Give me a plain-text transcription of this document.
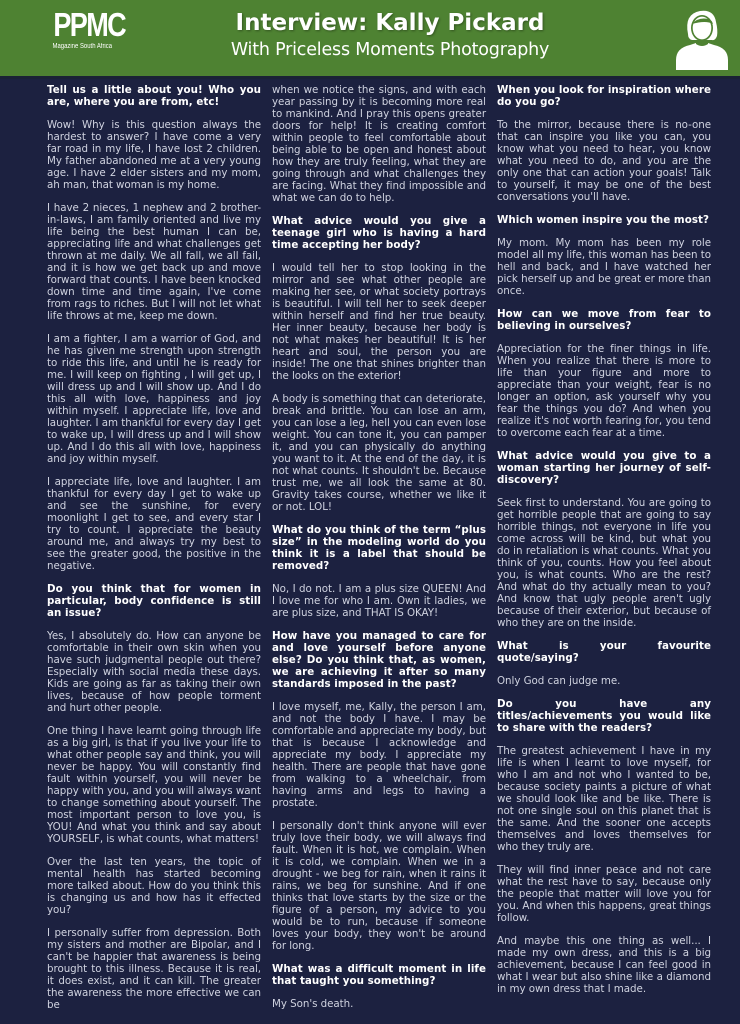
PPMC
Magazine South Africa
Interview: Kally Pickard
With Priceless Moments Photography

Tell us a little about you! Who you are, where you are from, etc!

Wow! Why is this question always the hardest to answer? I have come a very far road in my life, I have lost 2 children. My father abandoned me at a very young age. I have 2 elder sisters and my mom, ah man, that woman is my home.

I have 2 nieces, 1 nephew and 2 brother-in-laws, I am family oriented and live my life being the best human I can be, appreciating life and what challenges get thrown at me daily. We all fall, we all fail, and it is how we get back up and move forward that counts. I have been knocked down time and time again, I've come from rags to riches. But I will not let what life throws at me, keep me down.

I am a fighter, I am a warrior of God, and he has given me strength upon strength to ride this life, and until he is ready for me. I will keep on fighting , I will get up, I will dress up and I will show up. And I do this all with love, happiness and joy within myself. I appreciate life, love and laughter. I am thankful for every day I get to wake up, I will dress up and I will show up. And I do this all with love, happiness and joy within myself.

I appreciate life, love and laughter. I am thankful for every day I get to wake up and see the sunshine, for every moonlight I get to see, and every star I try to count. I appreciate the beauty around me, and always try my best to see the greater good, the positive in the negative.

Do you think that for women in particular, body confidence is still an issue?

Yes, I absolutely do. How can anyone be comfortable in their own skin when you have such judgmental people out there? Especially with social media these days. Kids are going as far as taking their own lives, because of how people torment and hurt other people.

One thing I have learnt going through life as a big girl, is that if you live your life to what other people say and think, you will never be happy. You will constantly find fault within yourself, you will never be happy with you, and you will always want to change something about yourself. The most important person to love you, is YOU! And what you think and say about YOURSELF, is what counts, what matters!

Over the last ten years, the topic of mental health has started becoming more talked about. How do you think this is changing us and how has it effected you?

I personally suffer from depression. Both my sisters and mother are Bipolar, and I can't be happier that awareness is being brought to this illness. Because it is real, it does exist, and it can kill. The greater the awareness the more effective we can be

when we notice the signs, and with each year passing by it is becoming more real to mankind. And I pray this opens greater doors for help! It is creating comfort within people to feel comfortable about being able to be open and honest about how they are truly feeling, what they are going through and what challenges they are facing. What they find impossible and what we can do to help.

What advice would you give a teenage girl who is having a hard time accepting her body?

I would tell her to stop looking in the mirror and see what other people are making her see, or what society portrays is beautiful. I will tell her to seek deeper within herself and find her true beauty. Her inner beauty, because her body is not what makes her beautiful! It is her heart and soul, the person you are inside! The one that shines brighter than the looks on the exterior!

A body is something that can deteriorate, break and brittle. You can lose an arm, you can lose a leg, hell you can even lose weight. You can tone it, you can pamper it, and you can physically do anything you want to it. At the end of the day, it is not what counts. It shouldn't be. Because trust me, we all look the same at 80. Gravity takes course, whether we like it or not. LOL!

What do you think of the term “plus size” in the modeling world do you think it is a label that should be removed?

No, I do not. I am a plus size QUEEN! And I love me for who I am. Own it ladies, we are plus size, and THAT IS OKAY!

How have you managed to care for and love yourself before anyone else? Do you think that, as women, we are achieving it after so many standards imposed in the past?

I love myself, me, Kally, the person I am, and not the body I have. I may be comfortable and appreciate my body, but that is because I acknowledge and appreciate my body. I appreciate my health. There are people that have gone from walking to a wheelchair, from having arms and legs to having a prostate.

I personally don't think anyone will ever truly love their body, we will always find fault. When it is hot, we complain. When it is cold, we complain. When we in a drought - we beg for rain, when it rains it rains, we beg for sunshine. And if one thinks that love starts by the size or the figure of a person, my advice to you would be to run, because if someone loves your body, they won't be around for long.

What was a difficult moment in life that taught you something?

My Son's death.

When you look for inspiration where do you go?

To the mirror, because there is no-one that can inspire you like you can, you know what you need to hear, you know what you need to do, and you are the only one that can action your goals! Talk to yourself, it may be one of the best conversations you'll have.

Which women inspire you the most?

My mom. My mom has been my role model all my life, this woman has been to hell and back, and I have watched her pick herself up and be great er more than once.

How can we move from fear to believing in ourselves?

Appreciation for the finer things in life. When you realize that there is more to life than your figure and more to appreciate than your weight, fear is no longer an option, ask yourself why you fear the things you do? And when you realize it's not worth fearing for, you tend to overcome each fear at a time.

What advice would you give to a woman starting her journey of self-discovery?

Seek first to understand. You are going to get horrible people that are going to say horrible things, not everyone in life you come across will be kind, but what you do in retaliation is what counts. What you think of you, counts. How you feel about you, is what counts. Who are the rest? And what do thy actually mean to you? And know that ugly people aren't ugly because of their exterior, but because of who they are on the inside.

What is your favourite quote/saying?

Only God can judge me.

Do you have any titles/achievements you would like to share with the readers?

The greatest achievement I have in my life is when I learnt to love myself, for who I am and not who I wanted to be, because society paints a picture of what we should look like and be like. There is not one single soul on this planet that is the same. And the sooner one accepts themselves and loves themselves for who they truly are.

They will find inner peace and not care what the rest have to say, because only the people that matter will love you for you. And when this happens, great things follow.

And maybe this one thing as well... I made my own dress, and this is a big achievement, because I can feel good in what I wear but also shine like a diamond in my own dress that I made.
